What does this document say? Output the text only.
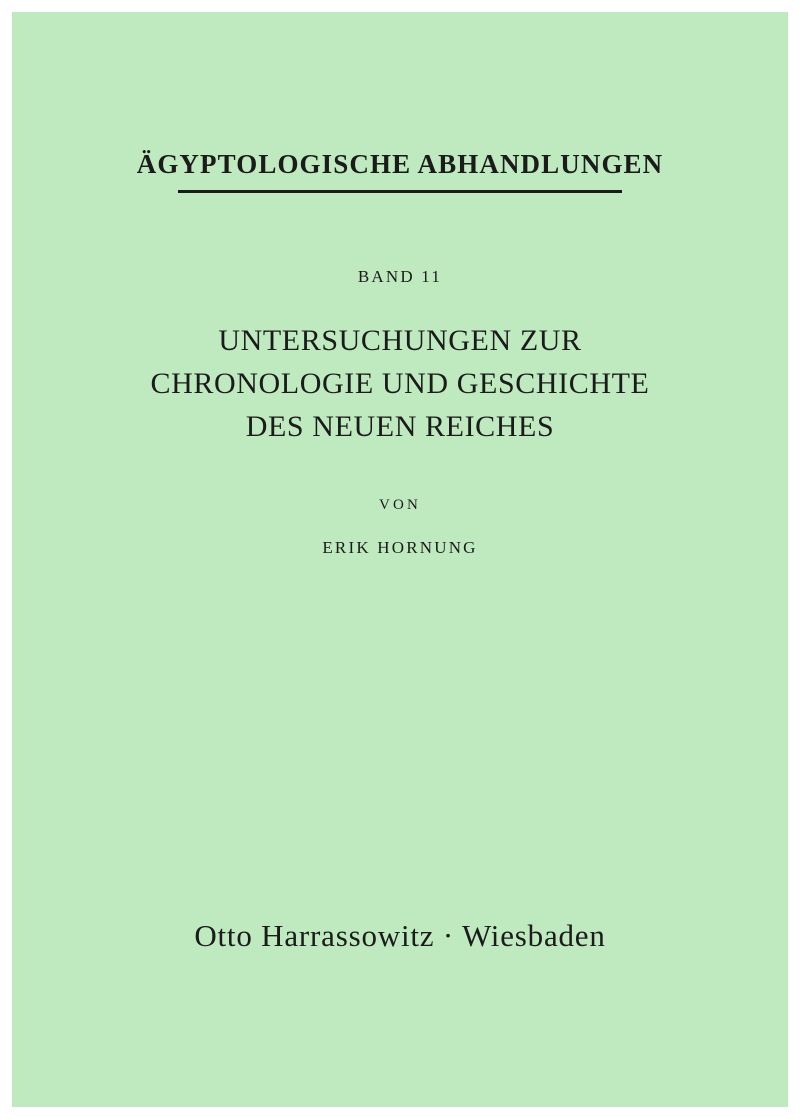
ÄGYPTOLOGISCHE ABHANDLUNGEN
BAND 11
UNTERSUCHUNGEN ZUR
CHRONOLOGIE UND GESCHICHTE
DES NEUEN REICHES
VON
ERIK HORNUNG
Otto Harrassowitz · Wiesbaden
